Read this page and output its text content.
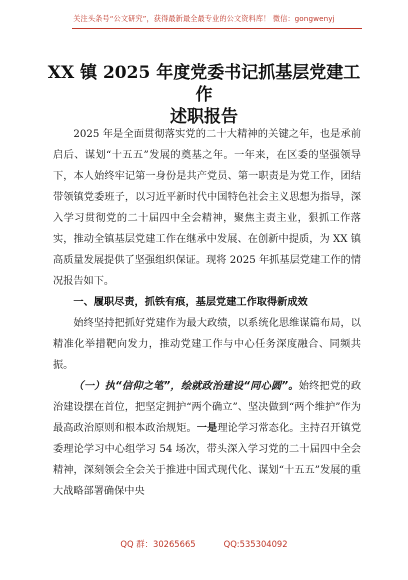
关注头条号“公文研究”，获得最新最全最专业的公文资料库！ 微信：gongwenyj
XX 镇 2025 年度党委书记抓基层党建工作
述职报告

2025 年是全面贯彻落实党的二十大精神的关键之年，也是承前启后、谋划“十五五”发展的奠基之年。一年来，在区委的坚强领导下，本人始终牢记第一身份是共产党员、第一职责是为党工作，团结带领镇党委班子，以习近平新时代中国特色社会主义思想为指导，深入学习贯彻党的二十届四中全会精神，聚焦主责主业，狠抓工作落实，推动全镇基层党建工作在继承中发展、在创新中提质，为 XX 镇高质量发展提供了坚强组织保证。现将 2025 年抓基层党建工作的情况报告如下。

一、履职尽责，抓铁有痕，基层党建工作取得新成效

始终坚持把抓好党建作为最大政绩，以系统化思维谋篇布局，以精准化举措靶向发力，推动党建工作与中心任务深度融合、同频共振。

（一）执“信仰之笔”，绘就政治建设“同心圆”。始终把党的政治建设摆在首位，把坚定拥护“两个确立”、坚决做到“两个维护”作为最高政治原则和根本政治规矩。一是理论学习常态化。主持召开镇党委理论学习中心组学习 54 场次，带头深入学习党的二十届四中全会精神，深刻领会全会关于推进中国式现代化、谋划“十五五”发展的重大战略部署确保中央

QQ 群：30265665	QQ:535304092
